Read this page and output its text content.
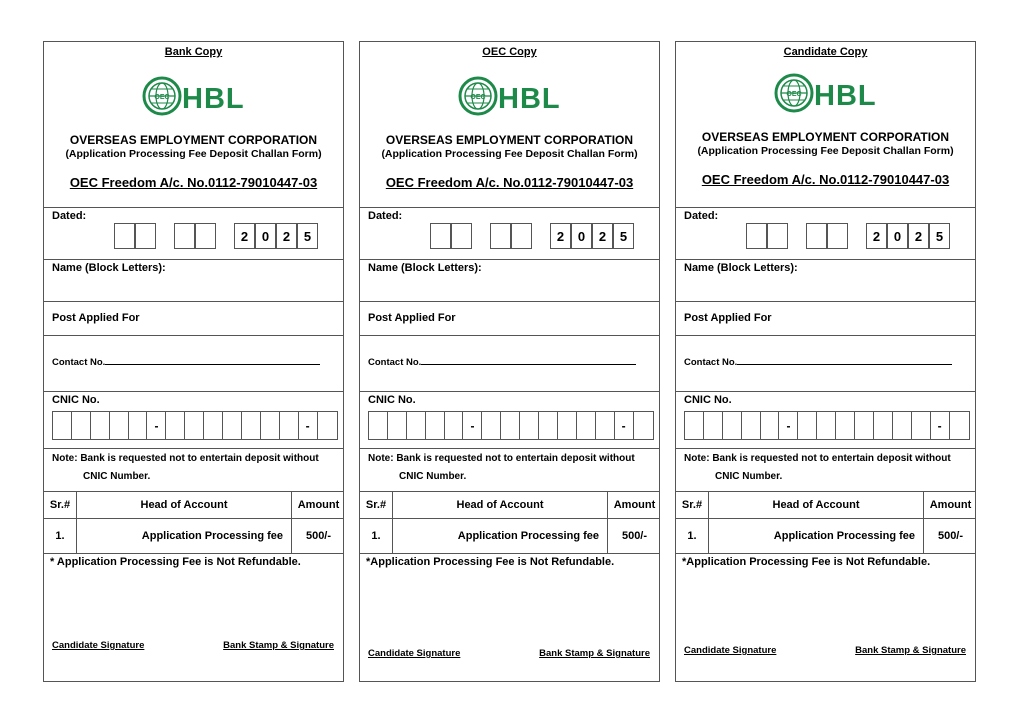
Bank Copy
OEC HBL
OVERSEAS EMPLOYMENT CORPORATION
(Application Processing Fee Deposit Challan Form)
OEC Freedom A/c. No.0112-79010447-03
Dated:
2	0	2	5
Name (Block Letters):
Post Applied For
Contact No.
CNIC No.
-	-
Note: Bank is requested not to entertain deposit without
CNIC Number.
Sr.#	Head of Account	Amount
1.	Application Processing fee	500/-
* Application Processing Fee is Not Refundable.
Candidate Signature	Bank Stamp & Signature
OEC Copy
OEC HBL
OVERSEAS EMPLOYMENT CORPORATION
(Application Processing Fee Deposit Challan Form)
OEC Freedom A/c. No.0112-79010447-03
Dated:
2	0	2	5
Name (Block Letters):
Post Applied For
Contact No.
CNIC No.
-	-
Note: Bank is requested not to entertain deposit without
CNIC Number.
Sr.#	Head of Account	Amount
1.	Application Processing fee	500/-
*Application Processing Fee is Not Refundable.
Candidate Signature	Bank Stamp & Signature
Candidate Copy
OEC HBL
OVERSEAS EMPLOYMENT CORPORATION
(Application Processing Fee Deposit Challan Form)
OEC Freedom A/c. No.0112-79010447-03
Dated:
2	0	2	5
Name (Block Letters):
Post Applied For
Contact No.
CNIC No.
-	-
Note: Bank is requested not to entertain deposit without
CNIC Number.
Sr.#	Head of Account	Amount
1.	Application Processing fee	500/-
*Application Processing Fee is Not Refundable.
Candidate Signature	Bank Stamp & Signature
